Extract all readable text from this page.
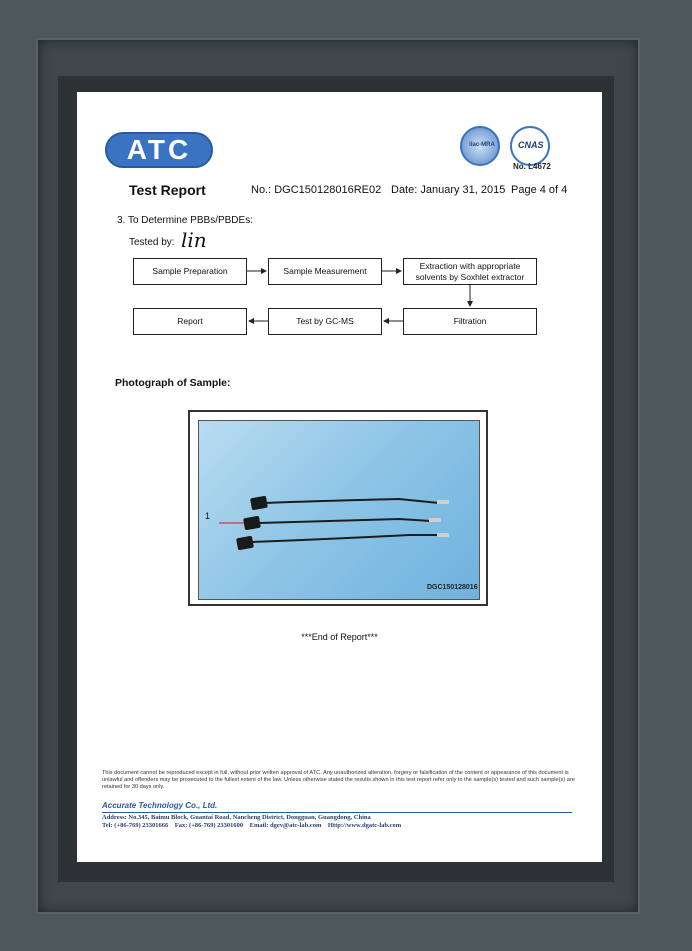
ATC	ilac-MRA	CNAS
No. L4672
Test Report	No.: DGC150128016RE02 Date: January 31, 2015 Page 4 of 4
3. To Determine PBBs/PBDEs:
Tested by: lin
Sample Preparation	Sample Measurement
Extraction with appropriate solvents by Soxhlet extractor
Filtration
Test by GC-MS
Report
Photograph of Sample:
1
DGC150128016
***End of Report***
This document cannot be reproduced except in full, without prior written approval of ATC. Any unauthorized alteration, forgery or falsification of the content or appearance of this document is unlawful and offenders may be prosecuted to the fullest extent of the law. Unless otherwise stated the results shown in this test report refer only to the sample(s) tested and such sample(s) are retained for 30 days only.
Accurate Technology Co., Ltd.
Address: No.345, Baimu Block, Guantai Road, Nancheng District, Dongguan, Guangdong, China
Tel: (+86-769) 23301666    Fax: (+86-769) 23301600    Email: dgev@atc-lab.com    Http://www.dgatc-lab.com
